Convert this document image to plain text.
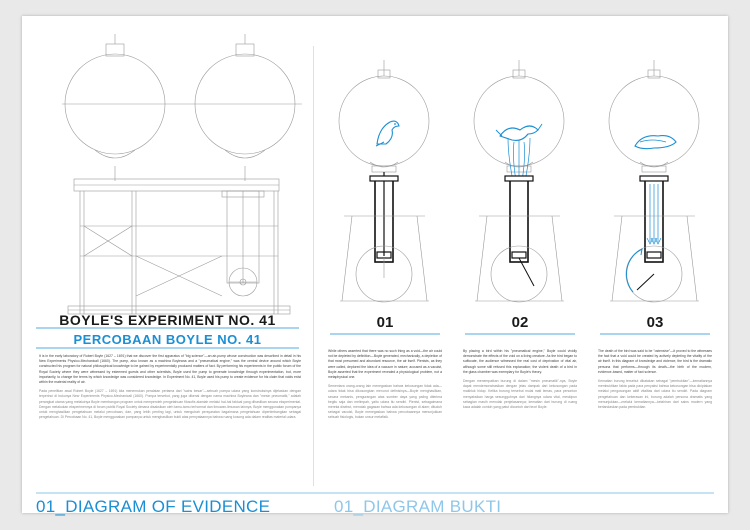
BOYLE'S EXPERIMENT NO. 41
PERCOBAAN BOYLE NO. 41

It is in the early laboratory of Robert Boyle (1627 – 1691) that we discover the first apparatus of "big science"—an air-pump whose construction was described in detail in his New Experiments Physico-Mechanicall (1660). The pump, also known as a machina Boyleana and a "pneumatical engine," was the central device around which Boyle constructed his program for natural philosophical knowledge to be gained by experimentally produced matters of fact. By performing his experiments in the public forum of the Royal Society where they were witnessed by esteemed guests and other scientists, Boyle used the pump to generate knowledge through experimentation, but, more importantly, to change the terms by which knowledge was considered knowledge. In Experiment No. 41, Boyle used his pump to create evidence for his claim that voids exist within the material reality of air.

Pada penelitian awal Robert Boyle (1627 – 1691) kita menemukan peralatan pertama dari "sains besar"—sebuah pompa udara yang konstruksinya dijelaskan dengan terperinci di bukunya New Experiments Physico-Mechanicall (1660). Pompa tersebut, yang juga dikenal dengan nama machina Boyleana dan "mesin pneumatik," adalah perangkat utama yang melaluinya Boyle membangun program untuk memperoleh pengetahuan filosofis alamiah melalui hal-hal faktual yang dihasilkan secara eksperimental. Dengan melakukan eksperimennya di forum publik Royal Society dimana disaksikan oleh tamu-tamu terhormat dan ilmuwan-ilmuwan lainnya, Boyle menggunakan pompanya untuk menghasilkan pengetahuan melalui percobaan, dan, yang lebih penting lagi, untuk mengubah persyaratan bagaimana pengetahuan dipertimbangkan sebagai pengetahuan. Di Percobaan No. 41, Boyle menggunakan pompanya untuk menghasilkan bukti atas pernyataannya bahwa ruang kosong ada dalam realitas material udara.

01

While others asserted that there was no such thing as a void—the air could not be depleted by definition—Boyle generated, mechanically, a depletion of that most presumed and abundant resource, the air itself. Plenists, as they were called, deplored the idea of a vacuum in nature; accused as a vacuist, Boyle asserted that the experiment revealed a physiological problem, not a metaphysical one.

Sementara orang-orang lain menegaskan bahwa kekosongan tidak ada—udara tidak bisa dikosongkan menurut definisinya—Boyle menghasilkan, secara mekanis, pengurangan atas sumber daya yang paling diterima begitu saja dan melimpah, yaitu udara itu sendiri. Plenist, sebagaimana mereka disebut, menolak gagasan bahwa ada kekosongan di alam; dituduh sebagai vacuist, Boyle menegaskan bahwa percobaannya menunjukkan sebuah fisiologis, bukan unsur metafisik.

02

By placing a bird within his "pneumatical engine," Boyle could vividly demonstrate the effects of the void on a living creature. As the bird began to suffocate, the audience witnessed the real cost of deprivation of vital air, although some still refused this explanation; the violent death of a bird in the glass chamber was exemplary for Boyle's theory.

Dengan menempatkan burung di dalam "mesin pneumatik"-nya, Boyle dapat mendemonstrasikan dengan jelas dampak dari kekosongan pada makhluk hidup. Ketika burung tersebut mulai mati lemas, para penonton menyaksikan harga sesungguhnya dari hilangnya udara vital, meskipun sebagian masih menolak penjelasannya; kematian dari burung di ruang kaca adalah contoh yang patut dicontoh dari teori Boyle.

03

The death of the bird was said to be "ostensive"—it proved to the witnesses the fact that a void could be created by actively depleting the vitality of the air itself. In this diagram of knowledge and violence, the bird is the dramatic persona that performs—through its death—the birth of the modern, evidence-based, matter of fact science.

Kematian burung tersebut dikatakan sebagai "pembuktian"—kematiannya membuktikan fakta pada para penyaksi bahwa kekosongan bisa diciptakan melalui pengosongan aktif vitalitas dari udara itu sendiri. Pada diagram pengetahuan dan kekerasan ini, burung adalah persona dramatis yang menunjukkan—melalui kematiannya—kelahiran dari sains modern yang berlandaskan pada pembuktian.

01_DIAGRAM OF EVIDENCE	01_DIAGRAM BUKTI
